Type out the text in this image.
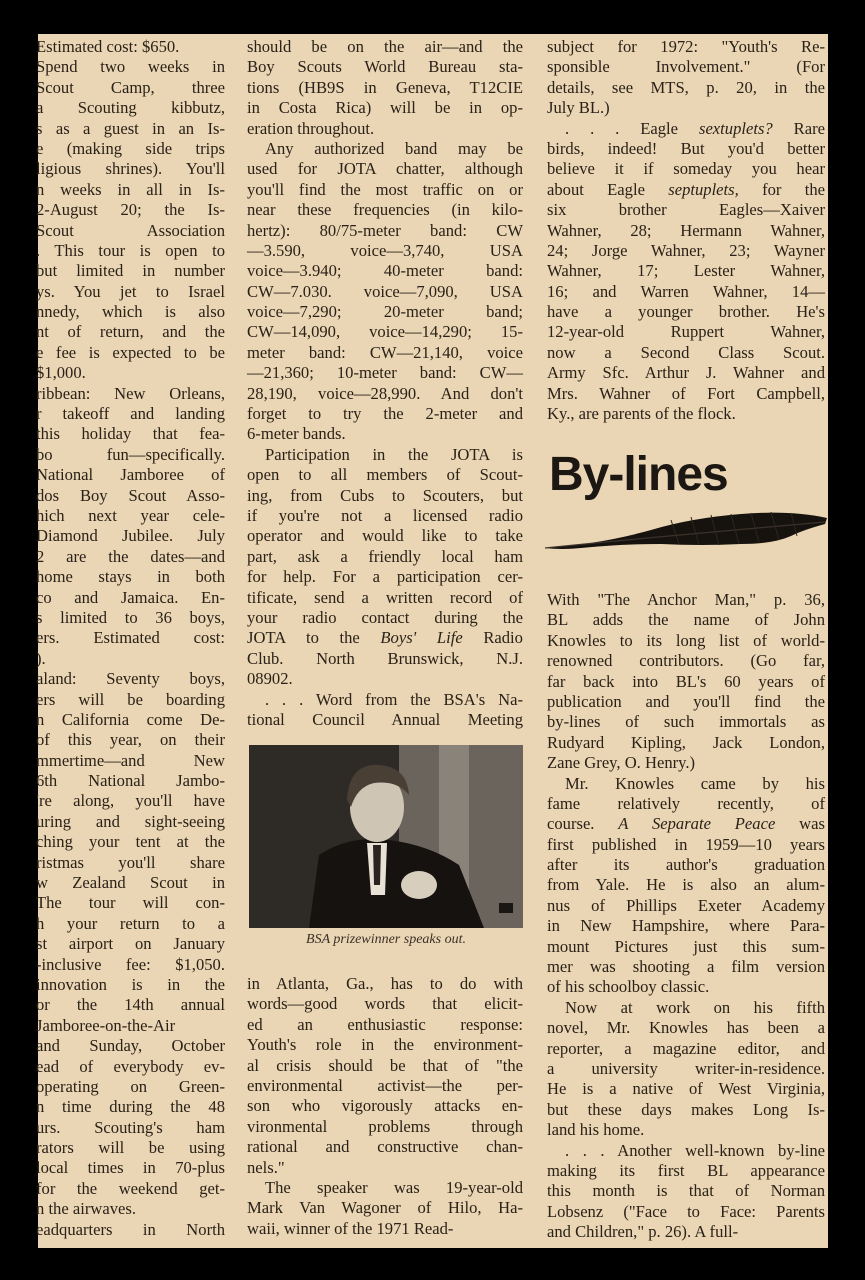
Estimated cost: $650.
Spend two weeks in
Scout Camp, three
a Scouting kibbutz,
s as a guest in an Is-
e (making side trips
ligious shrines). You'll
n weeks in all in Is-
2-August 20; the Is-
Scout Association
. This tour is open to
but limited in number
ys. You jet to Israel
nnedy, which is also
nt of return, and the
e fee is expected to be
$1,000.
ribbean: New Orleans,
r takeoff and landing
this holiday that fea-
bo fun—specifically.
National Jamboree of
dos Boy Scout Asso-
hich next year cele-
Diamond Jubilee. July
2 are the dates—and
home stays in both
co and Jamaica. En-
s limited to 36 boys,
ers. Estimated cost:
).
aland: Seventy boys,
ers will be boarding
n California come De-
of this year, on their
mmertime—and New
6th National Jambo-
're along, you'll have
uring and sight-seeing
ching your tent at the
ristmas you'll share
w Zealand Scout in
The tour will con-
h your return to a
st airport on January
-inclusive fee: $1,050.
innovation is in the
or the 14th annual
Jamboree-on-the-Air
and Sunday, October
ead of everybody ev-
operating on Green-
n time during the 48
urs. Scouting's ham
rators will be using
local times in 70-plus
for the weekend get-
n the airwaves.
eadquarters in North
should be on the air—and the
Boy Scouts World Bureau sta-
tions (HB9S in Geneva, T12CIE
in Costa Rica) will be in op-
eration throughout.
Any authorized band may be
used for JOTA chatter, although
you'll find the most traffic on or
near these frequencies (in kilo-
hertz): 80/75-meter band: CW
—3.590, voice—3,740, USA
voice—3.940; 40-meter band:
CW—7.030. voice—7,090, USA
voice—7,290; 20-meter band;
CW—14,090, voice—14,290; 15-
meter band: CW—21,140, voice
—21,360; 10-meter band: CW—
28,190, voice—28,990. And don't
forget to try the 2-meter and
6-meter bands.
Participation in the JOTA is
open to all members of Scout-
ing, from Cubs to Scouters, but
if you're not a licensed radio
operator and would like to take
part, ask a friendly local ham
for help. For a participation cer-
tificate, send a written record of
your radio contact during the
JOTA to the Boys' Life Radio
Club. North Brunswick, N.J.
08902.
. . . Word from the BSA's Na-
tional Council Annual Meeting
in Atlanta, Ga., has to do with
words—good words that elicit-
ed an enthusiastic response:
Youth's role in the environment-
al crisis should be that of "the
environmental activist—the per-
son who vigorously attacks en-
vironmental problems through
rational and constructive chan-
nels."
The speaker was 19-year-old
Mark Van Wagoner of Hilo, Ha-
waii, winner of the 1971 Read-
subject for 1972: "Youth's Re-
sponsible Involvement." (For
details, see MTS, p. 20, in the
July BL.)
. . . Eagle sextuplets? Rare
birds, indeed! But you'd better
believe it if someday you hear
about Eagle septuplets, for the
six brother Eagles—Xaiver
Wahner, 28; Hermann Wahner,
24; Jorge Wahner, 23; Wayner
Wahner, 17; Lester Wahner,
16; and Warren Wahner, 14—
have a younger brother. He's
12-year-old Ruppert Wahner,
now a Second Class Scout.
Army Sfc. Arthur J. Wahner and
Mrs. Wahner of Fort Campbell,
Ky., are parents of the flock.
With "The Anchor Man," p. 36,
BL adds the name of John
Knowles to its long list of world-
renowned contributors. (Go far,
far back into BL's 60 years of
publication and you'll find the
by-lines of such immortals as
Rudyard Kipling, Jack London,
Zane Grey, O. Henry.)
Mr. Knowles came by his
fame relatively recently, of
course. A Separate Peace was
first published in 1959—10 years
after its author's graduation
from Yale. He is also an alum-
nus of Phillips Exeter Academy
in New Hampshire, where Para-
mount Pictures just this sum-
mer was shooting a film version
of his schoolboy classic.
Now at work on his fifth
novel, Mr. Knowles has been a
reporter, a magazine editor, and
a university writer-in-residence.
He is a native of West Virginia,
but these days makes Long Is-
land his home.
. . . Another well-known by-line
making its first BL appearance
this month is that of Norman
Lobsenz ("Face to Face: Parents
and Children," p. 26). A full-
BSA prizewinner speaks out.
By-lines
